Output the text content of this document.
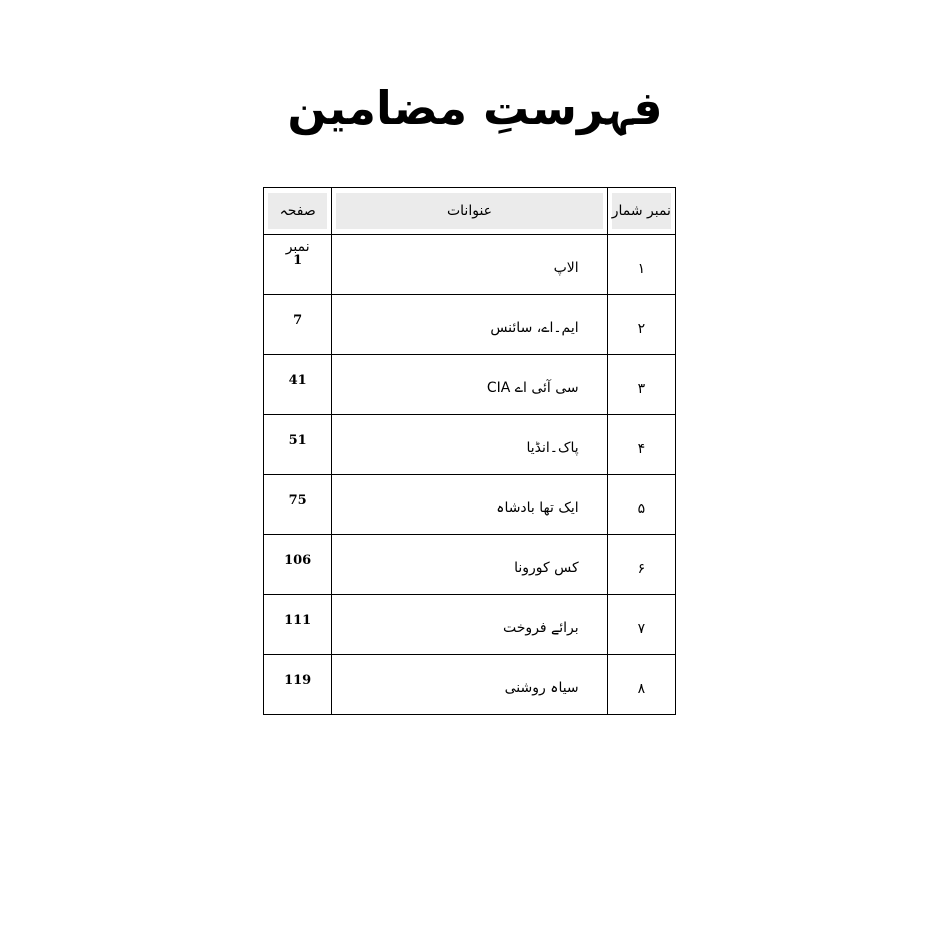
فہرستِ مضامین
نمبر شمار	عنوانات	صفحہ نمبر

۱	الاپ	1
۲	ایم۔اے، سائنس	7
۳	سی آئی اے CIA	41
۴	پاک۔انڈیا	51
۵	ایک تھا بادشاہ	75
۶	کس کورونا	106
۷	برائے فروخت	111
۸	سیاہ روشنی	119
